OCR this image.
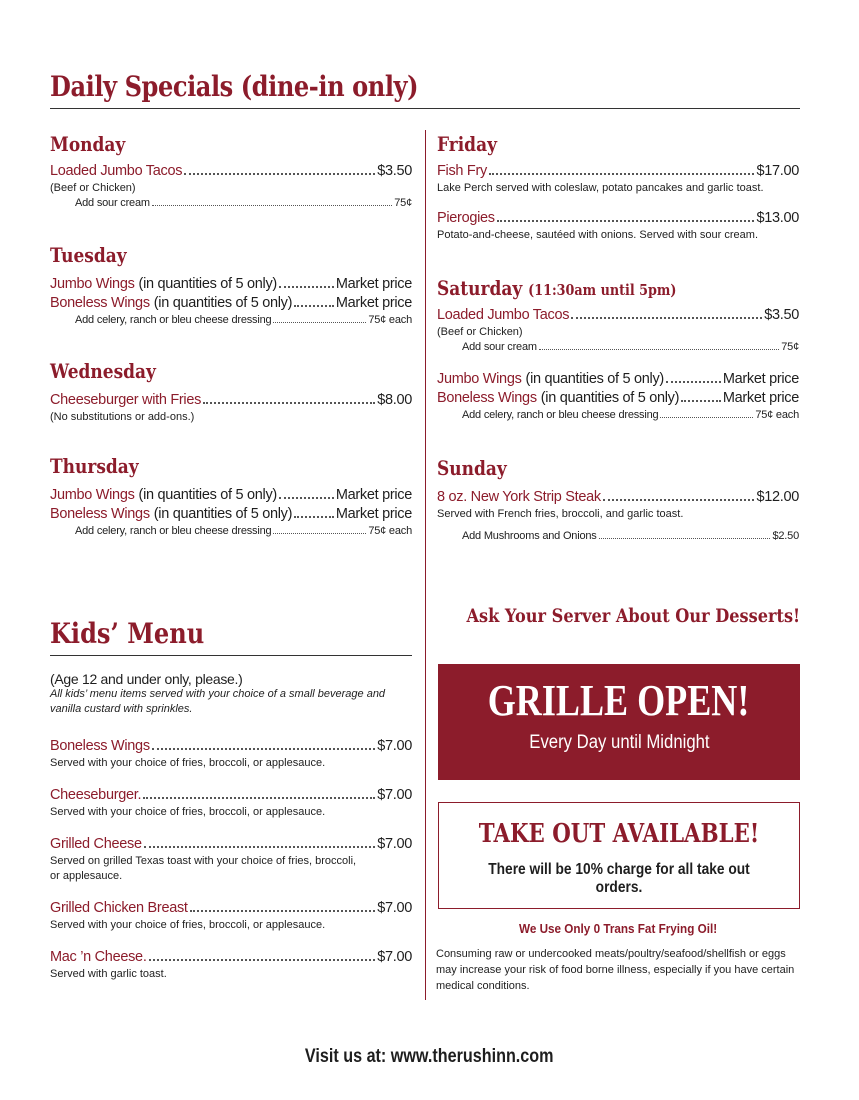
Daily Specials (dine-in only)
Monday
Loaded Jumbo Tacos	$3.50
(Beef or Chicken)
Add sour cream	75¢
Tuesday
Jumbo Wings (in quantities of 5 only)	Market price
Boneless Wings (in quantities of 5 only)	Market price
Add celery, ranch or bleu cheese dressing	75¢ each
Wednesday
Cheeseburger with Fries	$8.00
(No substitutions or add-ons.)
Thursday
Jumbo Wings (in quantities of 5 only)	Market price
Boneless Wings (in quantities of 5 only)	Market price
Add celery, ranch or bleu cheese dressing	75¢ each
Friday
Fish Fry	$17.00
Lake Perch served with coleslaw, potato pancakes and garlic toast.
Pierogies	$13.00
Potato-and-cheese, sautéed with onions. Served with sour cream.
Saturday (11:30am until 5pm)
Loaded Jumbo Tacos	$3.50
(Beef or Chicken)
Add sour cream	75¢
Jumbo Wings (in quantities of 5 only)	Market price
Boneless Wings (in quantities of 5 only)	Market price
Add celery, ranch or bleu cheese dressing	75¢ each
Sunday
8 oz. New York Strip Steak	$12.00
Served with French fries, broccoli, and garlic toast.
Add Mushrooms and Onions	$2.50
Kids’ Menu
(Age 12 and under only, please.)
All kids’ menu items served with your choice of a small beverage and vanilla custard with sprinkles.
Boneless Wings	$7.00
Served with your choice of fries, broccoli, or applesauce.
Cheeseburger.	$7.00
Served with your choice of fries, broccoli, or applesauce.
Grilled Cheese	$7.00
Served on grilled Texas toast with your choice of fries, broccoli,
or applesauce.
Grilled Chicken Breast	$7.00
Served with your choice of fries, broccoli, or applesauce.
Mac ’n Cheese.	$7.00
Served with garlic toast.
Ask Your Server About Our Desserts!
GRILLE OPEN!
Every Day until Midnight
TAKE OUT AVAILABLE!
There will be 10% charge for all take out orders.
We Use Only 0 Trans Fat Frying Oil!
Consuming raw or undercooked meats/poultry/seafood/shellfish or eggs may increase your risk of food borne illness, especially if you have certain medical conditions.
Visit us at: www.therushinn.com
